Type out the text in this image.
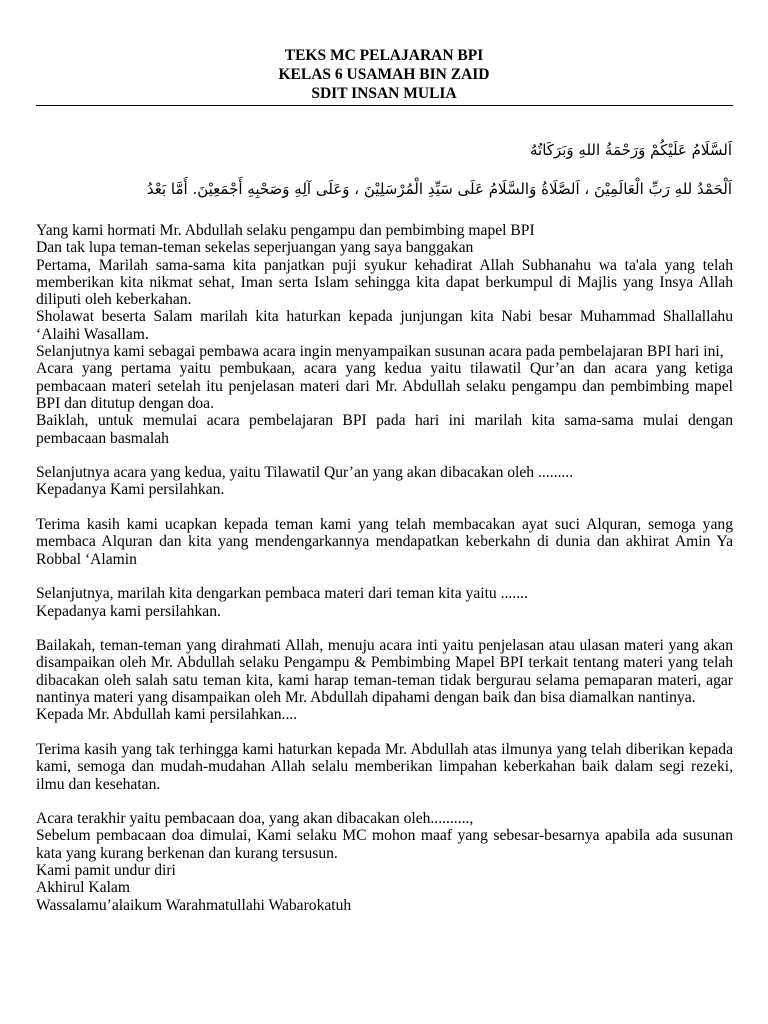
TEKS MC PELAJARAN BPI
KELAS 6 USAMAH BIN ZAID
SDIT INSAN MULIA
اَلسَّلَامُ عَلَيْكُمْ وَرَحْمَةُ اللهِ وَبَرَكَاتُهُ
اَلْحَمْدُ للهِ رَبِّ الْعَالَمِيْنَ ، اَلصَّلَاةُ وَالسَّلَامُ عَلَى سَيِّدِ الْمُرْسَلِيْنَ ، وَعَلَى آلِهِ وَصَحْبِهِ أَجْمَعِيْنَ. أَمَّا بَعْدُ

Yang kami hormati Mr. Abdullah selaku pengampu dan pembimbing mapel BPI

Dan tak lupa teman-teman sekelas seperjuangan yang saya banggakan

Pertama, Marilah sama-sama kita panjatkan puji syukur kehadirat Allah Subhanahu wa ta'ala yang telah memberikan kita nikmat sehat, Iman serta Islam sehingga kita dapat berkumpul di Majlis yang Insya Allah diliputi oleh keberkahan.

Sholawat beserta Salam marilah kita haturkan kepada junjungan kita Nabi besar Muhammad Shallallahu ‘Alaihi Wasallam.

Selanjutnya kami sebagai pembawa acara ingin menyampaikan susunan acara pada pembelajaran BPI hari ini,

Acara yang pertama yaitu pembukaan, acara yang kedua yaitu tilawatil Qur’an dan acara yang ketiga pembacaan materi setelah itu penjelasan materi dari Mr. Abdullah selaku pengampu dan pembimbing mapel BPI dan ditutup dengan doa.

Baiklah, untuk memulai acara pembelajaran BPI pada hari ini marilah kita sama-sama mulai dengan pembacaan basmalah

Selanjutnya acara yang kedua, yaitu Tilawatil Qur’an yang akan dibacakan oleh .........

Kepadanya Kami persilahkan.

Terima kasih kami ucapkan kepada teman kami yang telah membacakan ayat suci Alquran, semoga yang membaca Alquran dan kita yang mendengarkannya mendapatkan keberkahn di dunia dan akhirat Amin Ya Robbal ‘Alamin

Selanjutnya, marilah kita dengarkan pembaca materi dari teman kita yaitu .......

Kepadanya kami persilahkan.

Bailakah, teman-teman yang dirahmati Allah, menuju acara inti yaitu penjelasan atau ulasan materi yang akan disampaikan oleh Mr. Abdullah selaku Pengampu & Pembimbing Mapel BPI terkait tentang materi yang telah dibacakan oleh salah satu teman kita, kami harap teman-teman tidak bergurau selama pemaparan materi, agar nantinya materi yang disampaikan oleh Mr. Abdullah dipahami dengan baik dan bisa diamalkan nantinya.

Kepada Mr. Abdullah kami persilahkan....

Terima kasih yang tak terhingga kami haturkan kepada Mr. Abdullah atas ilmunya yang telah diberikan kepada kami, semoga dan mudah-mudahan Allah selalu memberikan limpahan keberkahan baik dalam segi rezeki, ilmu dan kesehatan.

Acara terakhir yaitu pembacaan doa, yang akan dibacakan oleh..........,

Sebelum pembacaan doa dimulai, Kami selaku MC mohon maaf yang sebesar-besarnya apabila ada susunan kata yang kurang berkenan dan kurang tersusun.

Kami pamit undur diri

Akhirul Kalam

Wassalamu’alaikum Warahmatullahi Wabarokatuh
